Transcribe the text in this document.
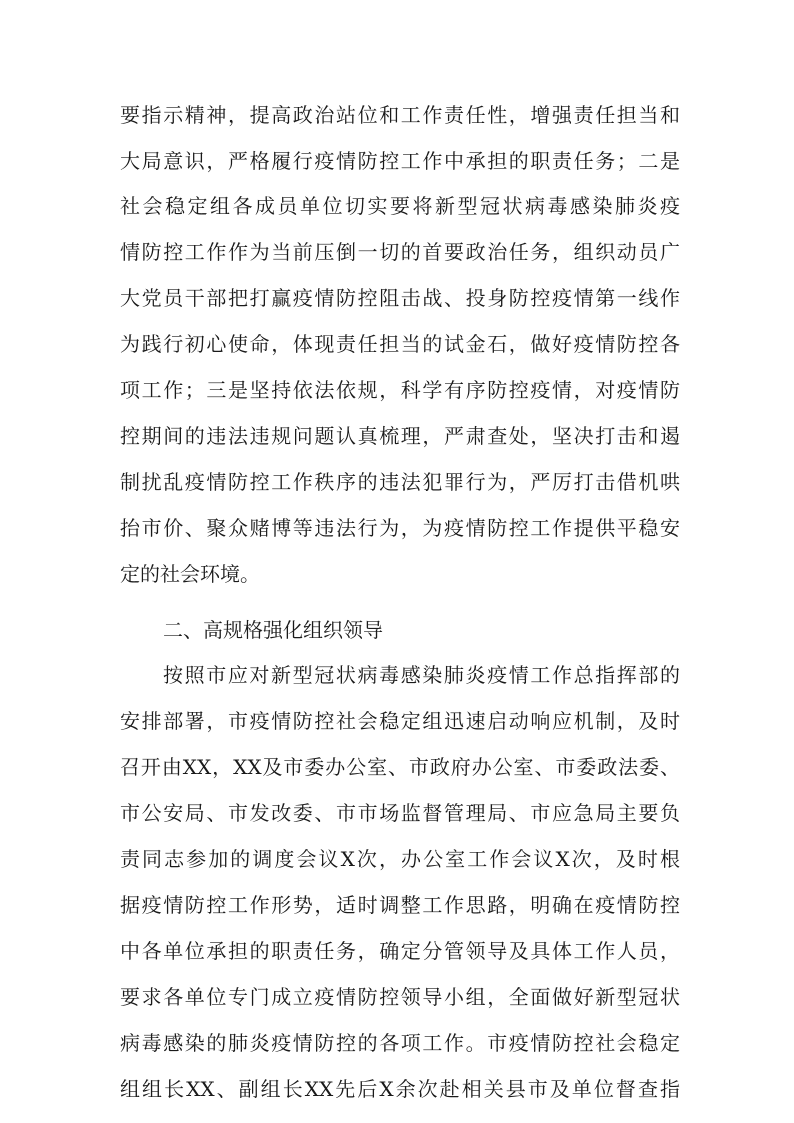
要指示精神，提高政治站位和工作责任性，增强责任担当和
大局意识，严格履行疫情防控工作中承担的职责任务；二是
社会稳定组各成员单位切实要将新型冠状病毒感染肺炎疫
情防控工作作为当前压倒一切的首要政治任务，组织动员广
大党员干部把打赢疫情防控阻击战、投身防控疫情第一线作
为践行初心使命，体现责任担当的试金石，做好疫情防控各
项工作；三是坚持依法依规，科学有序防控疫情，对疫情防
控期间的违法违规问题认真梳理，严肃查处，坚决打击和遏
制扰乱疫情防控工作秩序的违法犯罪行为，严厉打击借机哄
抬市价、聚众赌博等违法行为，为疫情防控工作提供平稳安
定的社会环境。
二、高规格强化组织领导
按照市应对新型冠状病毒感染肺炎疫情工作总指挥部的
安排部署，市疫情防控社会稳定组迅速启动响应机制，及时
召开由XX，XX及市委办公室、市政府办公室、市委政法委、
市公安局、市发改委、市市场监督管理局、市应急局主要负
责同志参加的调度会议X次，办公室工作会议X次，及时根
据疫情防控工作形势，适时调整工作思路，明确在疫情防控
中各单位承担的职责任务，确定分管领导及具体工作人员，
要求各单位专门成立疫情防控领导小组，全面做好新型冠状
病毒感染的肺炎疫情防控的各项工作。市疫情防控社会稳定
组组长XX、副组长XX先后X余次赴相关县市及单位督查指
